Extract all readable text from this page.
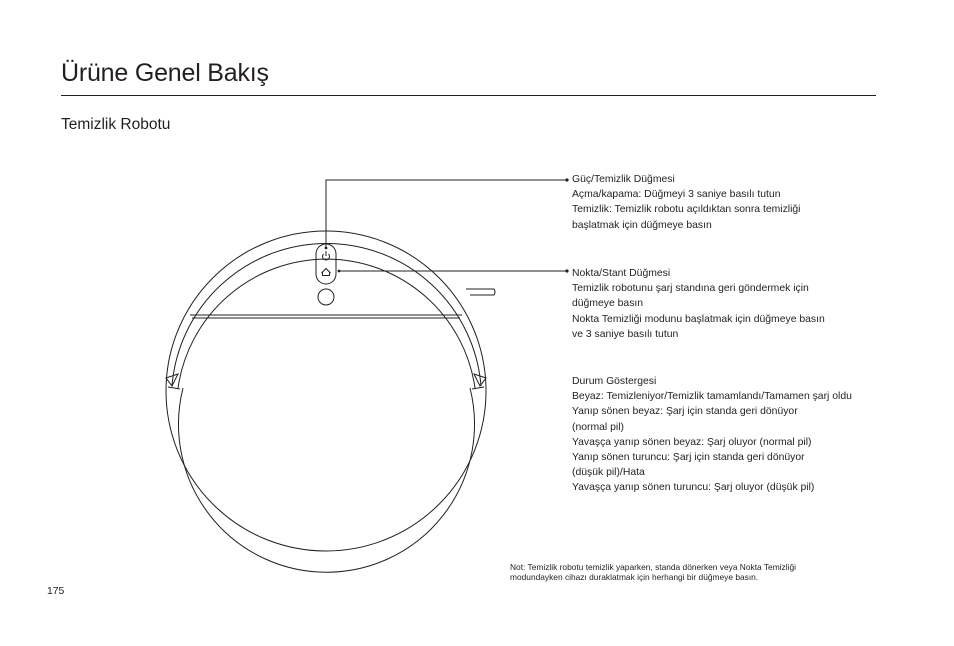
Ürüne Genel Bakış
Temizlik Robotu
Güç/Temizlik Düğmesi
Açma/kapama: Düğmeyi 3 saniye basılı tutun
Temizlik: Temizlik robotu açıldıktan sonra temizliği
başlatmak için düğmeye basın
Nokta/Stant Düğmesi
Temizlik robotunu şarj standına geri göndermek için
düğmeye basın
Nokta Temizliği modunu başlatmak için düğmeye basın
ve 3 saniye basılı tutun
Durum Göstergesi
Beyaz: Temizleniyor/Temizlik tamamlandı/Tamamen şarj oldu
Yanıp sönen beyaz: Şarj için standa geri dönüyor
(normal pil)
Yavaşça yanıp sönen beyaz: Şarj oluyor (normal pil)
Yanıp sönen turuncu: Şarj için standa geri dönüyor
(düşük pil)/Hata
Yavaşça yanıp sönen turuncu: Şarj oluyor (düşük pil)
Not: Temizlik robotu temizlik yaparken, standa dönerken veya Nokta Temizliği
modundayken cihazı duraklatmak için herhangi bir düğmeye basın.
175
